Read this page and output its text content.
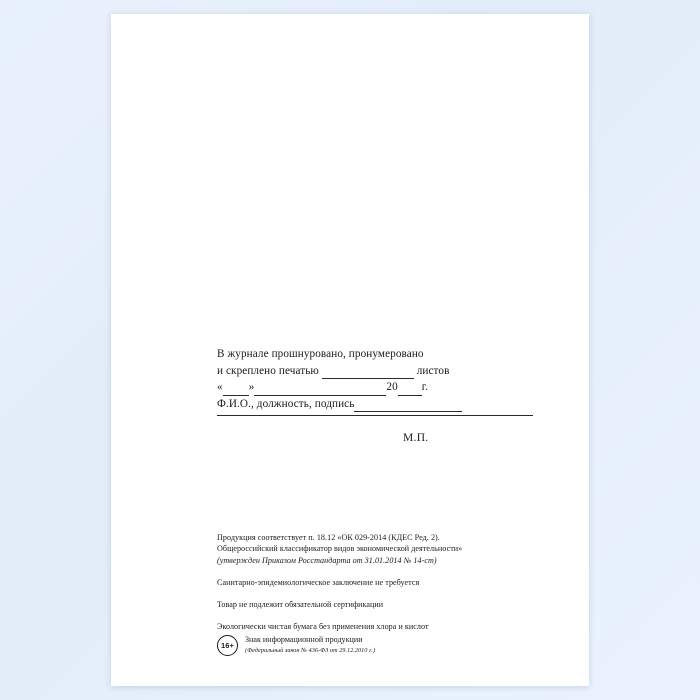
В журнале прошнуровано, пронумеровано
и скреплено печатью	листов
« »	20 г.
Ф.И.О., должность, подпись
М.П.

Продукция соответствует п. 18.12 «ОК 029-2014 (КДЕС Ред. 2).

Общероссийский классификатор видов экономической деятельности»

(утвержден Приказом Росстандарта от 31.01.2014 № 14-ст)

Санитарно-эпидемиологическое заключение не требуется

Товар не подлежит обязательной сертификации

Экологически чистая бумага без применения хлора и кислот

16+
Знак информационной продукции
(Федеральный закон № 436-ФЗ от 29.12.2010 г.)
